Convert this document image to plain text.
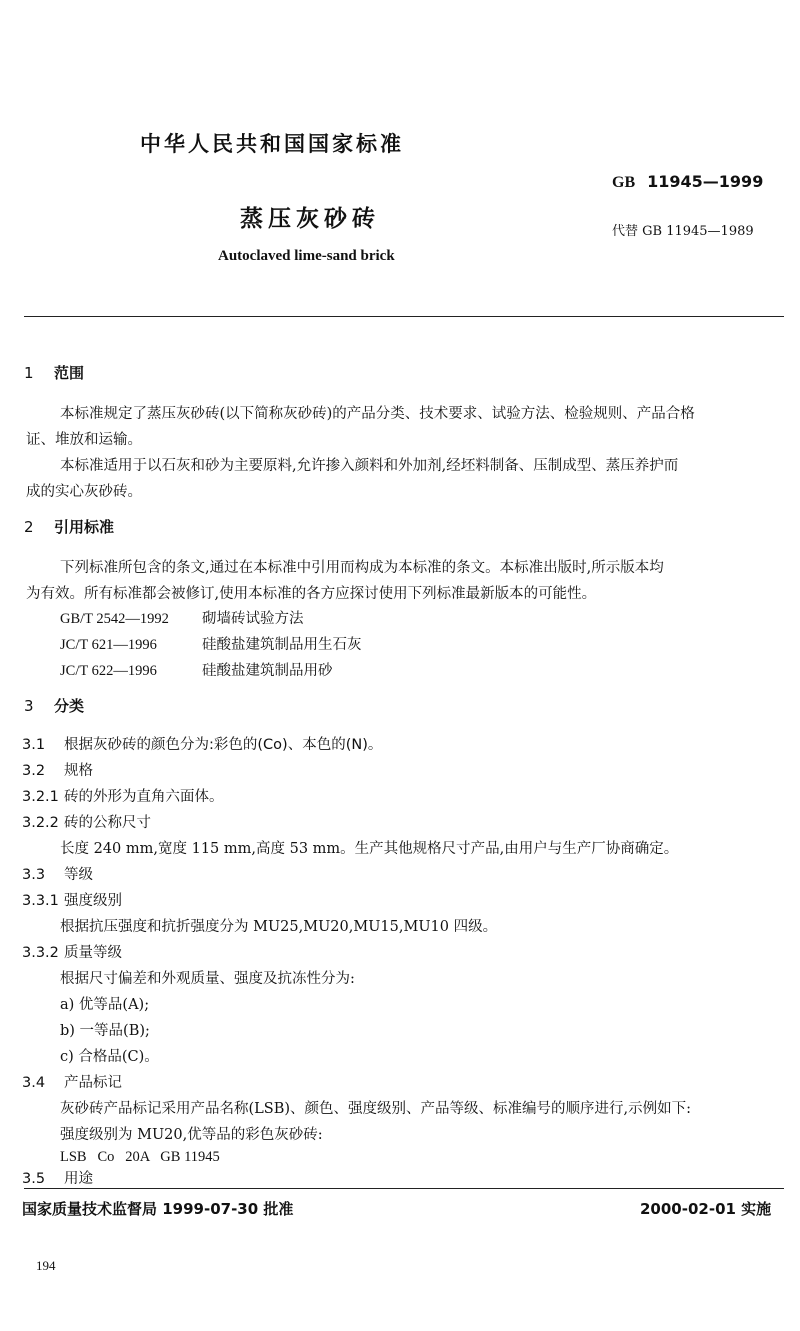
中华人民共和国国家标准
GB 11945—1999
蒸压灰砂砖	代替 GB 11945—1989
Autoclaved lime-sand brick
1 范围
本标准规定了蒸压灰砂砖(以下简称灰砂砖)的产品分类、技术要求、试验方法、检验规则、产品合格
证、堆放和运输。
本标准适用于以石灰和砂为主要原料,允许掺入颜料和外加剂,经坯料制备、压制成型、蒸压养护而
成的实心灰砂砖。
2 引用标准
下列标准所包含的条文,通过在本标准中引用而构成为本标准的条文。本标准出版时,所示版本均
为有效。所有标准都会被修订,使用本标准的各方应探讨使用下列标准最新版本的可能性。
GB/T 2542—1992 砌墙砖试验方法
JC/T 621—1996	硅酸盐建筑制品用生石灰
JC/T 622—1996	硅酸盐建筑制品用砂
3 分类
3.1 根据灰砂砖的颜色分为:彩色的(Co)、本色的(N)。
3.2 规格
3.2.1 砖的外形为直角六面体。
3.2.2 砖的公称尺寸
长度 240 mm,宽度 115 mm,高度 53 mm。生产其他规格尺寸产品,由用户与生产厂协商确定。
3.3 等级
3.3.1 强度级别
根据抗压强度和抗折强度分为 MU25,MU20,MU15,MU10 四级。
3.3.2 质量等级
根据尺寸偏差和外观质量、强度及抗冻性分为:
a) 优等品(A);
b) 一等品(B);
c) 合格品(C)。
3.4 产品标记
灰砂砖产品标记采用产品名称(LSB)、颜色、强度级别、产品等级、标准编号的顺序进行,示例如下:
强度级别为 MU20,优等品的彩色灰砂砖:
LSB   Co   20A   GB 11945
3.5 用途
国家质量技术监督局 1999-07-30 批准	2000-02-01 实施
194
